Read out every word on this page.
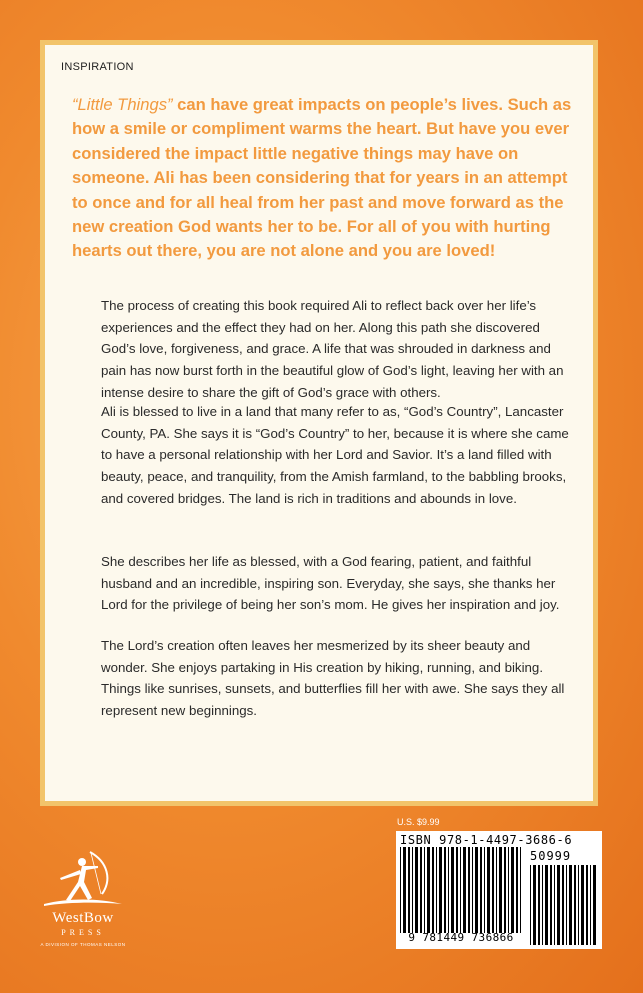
INSPIRATION
“Little Things” can have great impacts on people’s lives. Such as how a smile or compliment warms the heart. But have you ever considered the impact little negative things may have on someone. Ali has been considering that for years in an attempt to once and for all heal from her past and move forward as the new creation God wants her to be. For all of you with hurting hearts out there, you are not alone and you are loved!

The process of creating this book required Ali to reflect back over her life’s experiences and the effect they had on her. Along this path she discovered God’s love, forgiveness, and grace. A life that was shrouded in darkness and pain has now burst forth in the beautiful glow of God’s light, leaving her with an intense desire to share the gift of God’s grace with others.

Ali is blessed to live in a land that many refer to as, “God’s Country”, Lancaster County, PA. She says it is “God’s Country” to her, because it is where she came to have a personal relationship with her Lord and Savior. It’s a land filled with beauty, peace, and tranquility, from the Amish farmland, to the babbling brooks, and covered bridges. The land is rich in traditions and abounds in love.

She describes her life as blessed, with a God fearing, patient, and faithful husband and an incredible, inspiring son. Everyday, she says, she thanks her Lord for the privilege of being her son’s mom. He gives her inspiration and joy.

The Lord’s creation often leaves her mesmerized by its sheer beauty and wonder. She enjoys partaking in His creation by hiking, running, and biking. Things like sunrises, sunsets, and butterflies fill her with awe. She says they all represent new beginnings.

WestBow
PRESS
A DIVISION OF THOMAS NELSON
U.S. $9.99
ISBN 978-1-4497-3686-6
50999
9 781449 736866
